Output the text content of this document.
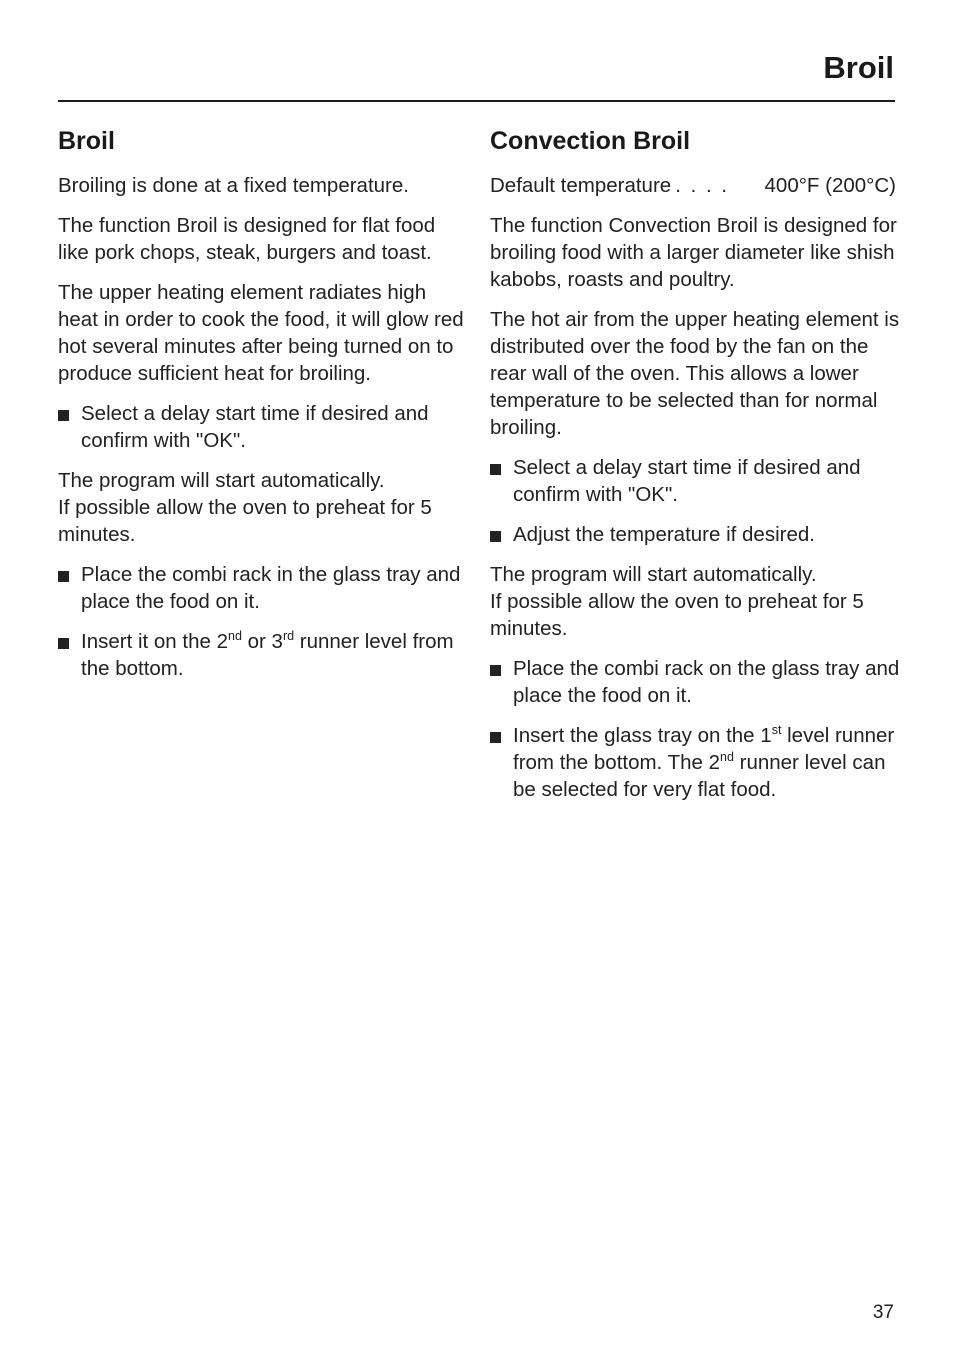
Broil
Broil

Broiling is done at a fixed temperature.

The function Broil is designed for flat food like pork chops, steak, burgers and toast.

The upper heating element radiates high heat in order to cook the food, it will glow red hot several minutes after being turned on to produce sufficient heat for broiling.

Select a delay start time if desired and confirm with "OK".

The program will start automatically.
If possible allow the oven to preheat for 5 minutes.

Place the combi rack in the glass tray and place the food on it.
Insert it on the 2nd or 3rd runner level from the bottom.
Convection Broil

Default temperature . . . .	400°F (200°C)

The function Convection Broil is designed for broiling food with a larger diameter like shish kabobs, roasts and poultry.

The hot air from the upper heating element is distributed over the food by the fan on the rear wall of the oven. This allows a lower temperature to be selected than for normal broiling.

Select a delay start time if desired and confirm with "OK".
Adjust the temperature if desired.

The program will start automatically.
If possible allow the oven to preheat for 5 minutes.

Place the combi rack on the glass tray and place the food on it.
Insert the glass tray on the 1st level runner from the bottom. The 2nd runner level can be selected for very flat food.
37
